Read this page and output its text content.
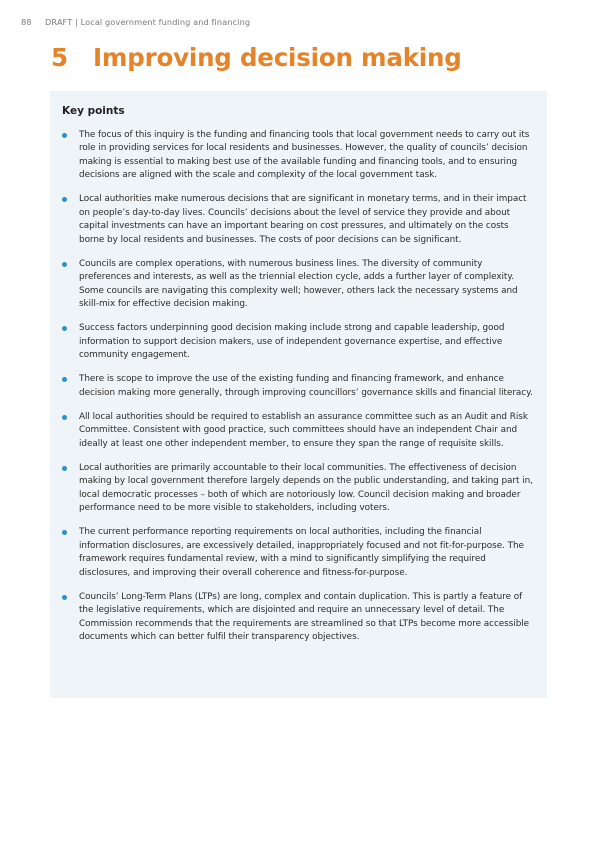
88 DRAFT | Local government funding and financing
5 Improving decision making
Key points
The focus of this inquiry is the funding and financing tools that local government needs to carry out its role in providing services for local residents and businesses. However, the quality of councils’ decision making is essential to making best use of the available funding and financing tools, and to ensuring decisions are aligned with the scale and complexity of the local government task.
Local authorities make numerous decisions that are significant in monetary terms, and in their impact on people’s day-to-day lives. Councils’ decisions about the level of service they provide and about capital investments can have an important bearing on cost pressures, and ultimately on the costs borne by local residents and businesses. The costs of poor decisions can be significant.
Councils are complex operations, with numerous business lines. The diversity of community preferences and interests, as well as the triennial election cycle, adds a further layer of complexity. Some councils are navigating this complexity well; however, others lack the necessary systems and skill-mix for effective decision making.
Success factors underpinning good decision making include strong and capable leadership, good information to support decision makers, use of independent governance expertise, and effective community engagement.
There is scope to improve the use of the existing funding and financing framework, and enhance decision making more generally, through improving councillors’ governance skills and financial literacy.
All local authorities should be required to establish an assurance committee such as an Audit and Risk Committee. Consistent with good practice, such committees should have an independent Chair and ideally at least one other independent member, to ensure they span the range of requisite skills.
Local authorities are primarily accountable to their local communities. The effectiveness of decision making by local government therefore largely depends on the public understanding, and taking part in, local democratic processes – both of which are notoriously low. Council decision making and broader performance need to be more visible to stakeholders, including voters.
The current performance reporting requirements on local authorities, including the financial information disclosures, are excessively detailed, inappropriately focused and not fit-for-purpose. The framework requires fundamental review, with a mind to significantly simplifying the required disclosures, and improving their overall coherence and fitness-for-purpose.
Councils’ Long-Term Plans (LTPs) are long, complex and contain duplication. This is partly a feature of the legislative requirements, which are disjointed and require an unnecessary level of detail. The Commission recommends that the requirements are streamlined so that LTPs become more accessible documents which can better fulfil their transparency objectives.
